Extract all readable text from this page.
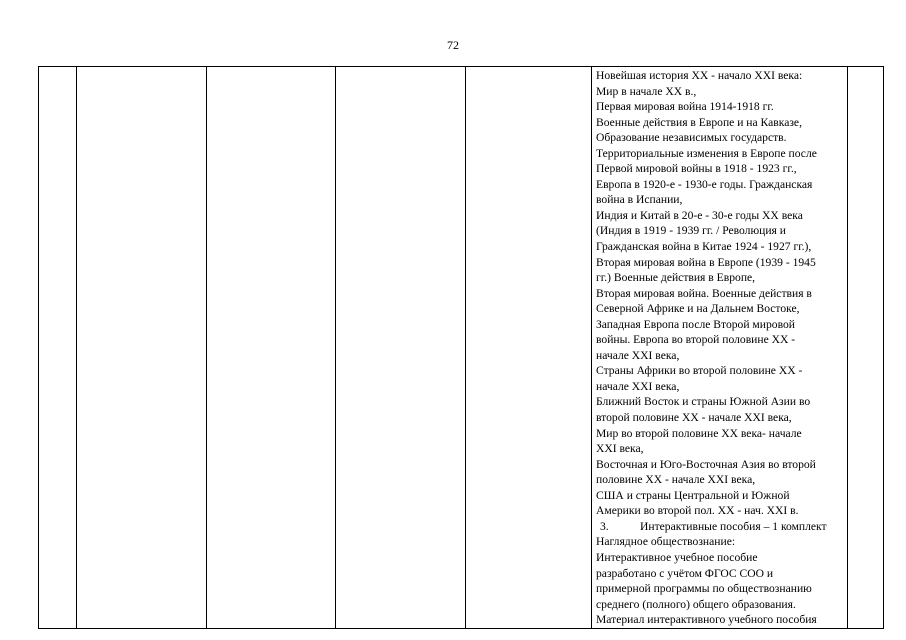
72

Новейшая история XX - начало XXI века:
Мир в начале XX в.,
Первая мировая война 1914-1918 гг.
Военные действия в Европе и на Кавказе,
Образование независимых государств.
Территориальные изменения в Европе после
Первой мировой войны в 1918 - 1923 гг.,
Европа в 1920-е - 1930-е годы. Гражданская
война в Испании,
Индия и Китай в 20-е - 30-е годы XX века
(Индия в 1919 - 1939 гг. / Революция и
Гражданская война в Китае 1924 - 1927 гг.),
Вторая мировая война в Европе (1939 - 1945
гг.) Военные действия в Европе,
Вторая мировая война. Военные действия в
Северной Африке и на Дальнем Востоке,
Западная Европа после Второй мировой
войны. Европа во второй половине XX -
начале XXI века,
Страны Африки во второй половине XX -
начале XXI века,
Ближний Восток и страны Южной Азии во
второй половине XX - начале XXI века,
Мир во второй половине XX века- начале
XXI века,
Восточная и Юго-Восточная Азия во второй
половине XX - начале XXI века,
США и страны Центральной и Южной
Америки во второй пол. XX - нач. XXI в.
3.	Интерактивные пособия – 1 комплект
Наглядное обществознание:
Интерактивное учебное пособие
разработано с учётом ФГОС СОО и
примерной программы по обществознанию
среднего (полного) общего образования.
Материал интерактивного учебного пособия
